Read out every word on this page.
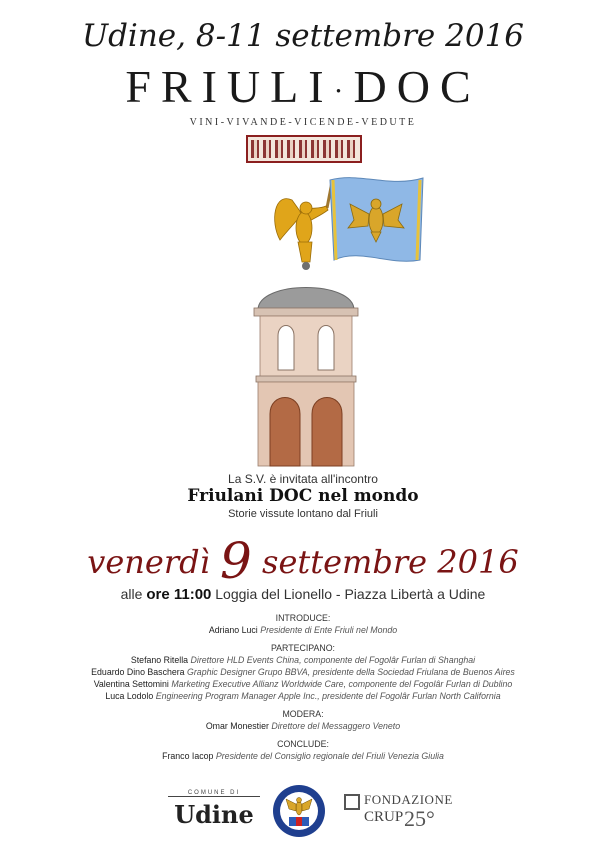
Udine, 8-11 settembre 2016
FRIULI·DOC
VINI-VIVANDE-VICENDE-VEDUTE
La S.V. è invitata all'incontro
Friulani DOC nel mondo
Storie vissute lontano dal Friuli
venerdì 9 settembre 2016
alle ore 11:00 Loggia del Lionello - Piazza Libertà a Udine
INTRODUCE:
Adriano Luci Presidente di Ente Friuli nel Mondo
PARTECIPANO:
Stefano Ritella Direttore HLD Events China, componente del Fogolâr Furlan di Shanghai
Eduardo Dino Baschera Graphic Designer Grupo BBVA, presidente della Sociedad Friulana de Buenos Aires
Valentina Settomini Marketing Executive Allianz Worldwide Care, componente del Fogolâr Furlan di Dublino
Luca Lodolo Engineering Program Manager Apple Inc., presidente del Fogolâr Furlan North California
MODERA:
Omar Monestier Direttore del Messaggero Veneto
CONCLUDE:
Franco Iacop Presidente del Consiglio regionale del Friuli Venezia Giulia
COMUNE DI
Udine
FONDAZIONE
CRUP 25°
